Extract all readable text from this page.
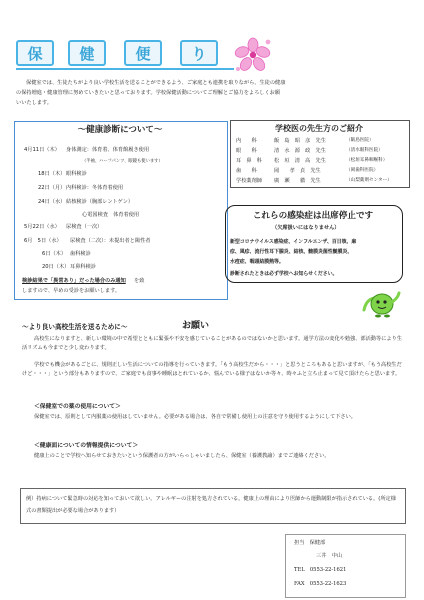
保	健	便	り
保健室では、生徒たちがより良い学校生活を送ることができるよう、ご家庭とも連携を取りながら、生徒の健康
の保持増進・健康管理に努めていきたいと思っております。学校保健活動についてご理解とご協力をよろしくお願
いいたします。
～健康診断について～
4月11日（木） 身体測定：体育着、体育館履き使用
（半袖、ハーフパンツ、眼鏡も使います）
18日（木） 眼科検診
22日（月） 内科検診：冬体育着使用
24日（水） 結核検診（胸部レントゲン）
心電図検査　体育着使用
5月22日（水） 尿検査（一次）
6月　5日（水） 尿検査（二次）：未提出者と陽性者
6日（木） 歯科検診
20日（木） 耳鼻科検診
検診結果で「異常あり」だった場合のみ通知 を致
しますので、早めの受診をお願いします。
学校医の先生方のご紹介
内　　科	飯　島　昭　彦　先生	（飯島医院）
眼　　科	清　水　源　政　先生	（清水眼科医院）
耳　鼻　科 松　垣　清　高　先生	（松垣耳鼻咽喉科）
歯　　科	岡　　孝　貞　先生	（岡歯科医院）
学校薬剤師 廣　瀬　　徹　先生	（山梨薬剤センター）
これらの感染症は出席停止です
（欠席扱いにはなりません）
新型コロナウイルス感染症、インフルエンザ、百日咳、麻
疹、風疹、流行性耳下腺炎、結核、髄膜炎菌性髄膜炎、
水痘症、咽頭結膜熱等。
診断されたときは必ず学校へお知らせください。
～より良い高校生活を送るために～	お願い
高校生になりますと、新しい環境の中で希望とともに緊張や不安を感じていることがあるのではないかと思います。通学方法の変化や勉強、部活動等により生活リズムも今までと少し変わります。
学校でも機会があるごとに、規則正しい生活についての指導を行っていきます。「もう高校生だから・・・」と思うところもあると思いますが、「もう高校生だけど・・・」という部分もありますので、ご家庭でも食事や睡眠はとれているか、悩んでいる様子はないか等々、時々ふと立ち止まって見て頂けたらと思います。
＜保健室での薬の使用について＞
保健室では、原則として内服薬の使用はしていません。必要がある場合は、各自で常備し使用上の注意を守り使用するようにして下さい。
＜健康面についての情報提供について＞
健康上のことで学校へ知らせておきたいという保護者の方がいらっしゃいましたら、保健室（養護教諭）までご連絡ください。
例）持病について緊急時の対応を知っておいて欲しい。アレルギーの注射を処方されている。健康上の理由により医師から運動制限が指示されている。(所定様式の書類提出が必要な場合があります）
担当　保健部
三井　中山
TEL　0553-22-1621
FAX　0553-22-1623
